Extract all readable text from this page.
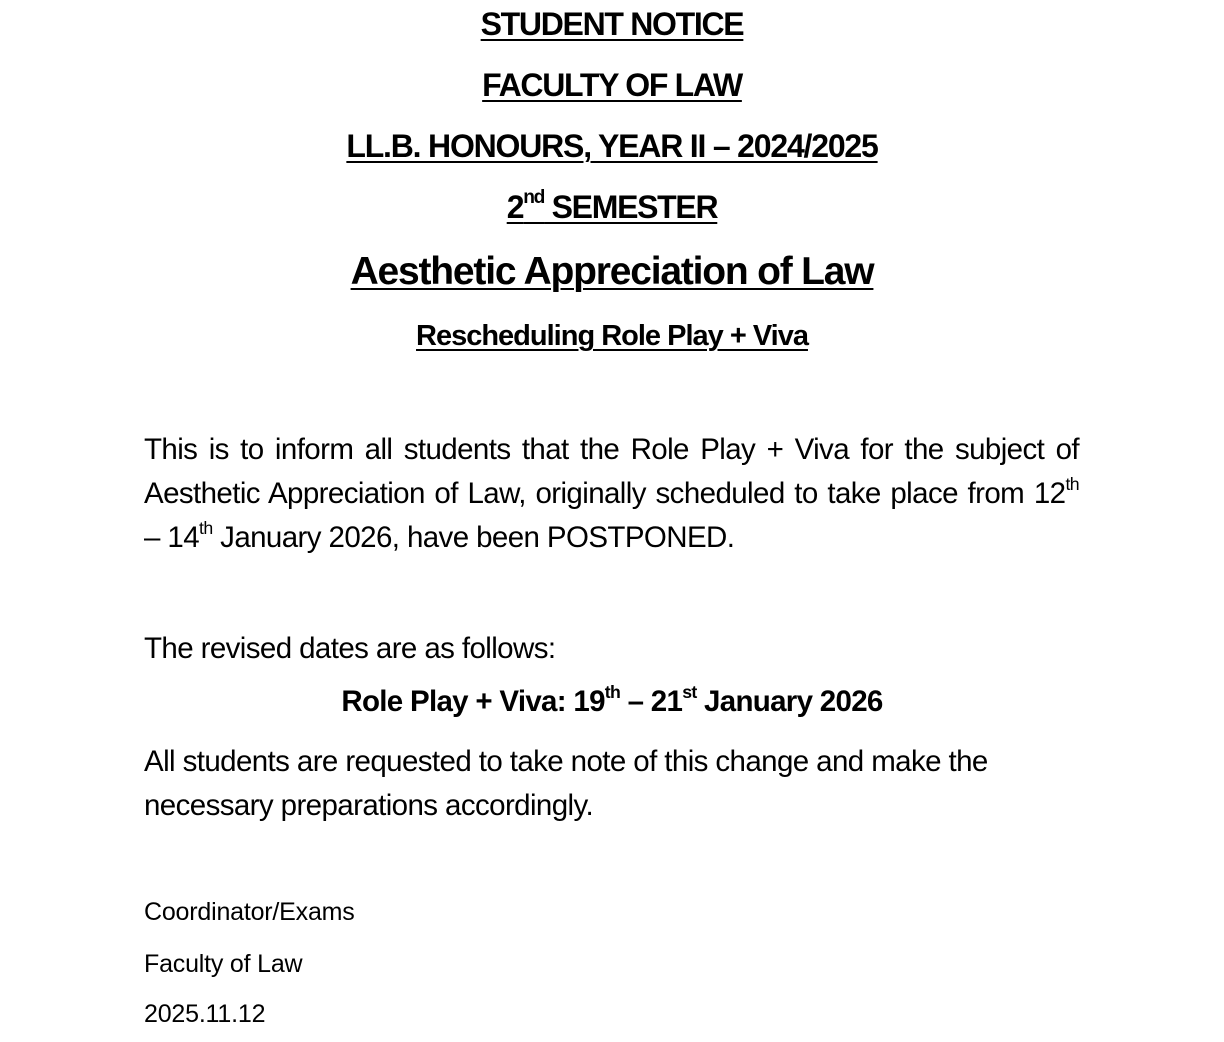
STUDENT NOTICE
FACULTY OF LAW
LL.B. HONOURS, YEAR II – 2024/2025
2nd SEMESTER
Aesthetic Appreciation of Law
Rescheduling Role Play + Viva
This is to inform all students that the Role Play + Viva for the subject of Aesthetic Appreciation of Law, originally scheduled to take place from 12th – 14th January 2026, have been POSTPONED.
The revised dates are as follows:
Role Play + Viva: 19th – 21st January 2026
All students are requested to take note of this change and make the necessary preparations accordingly.
Coordinator/Exams
Faculty of Law
2025.11.12
